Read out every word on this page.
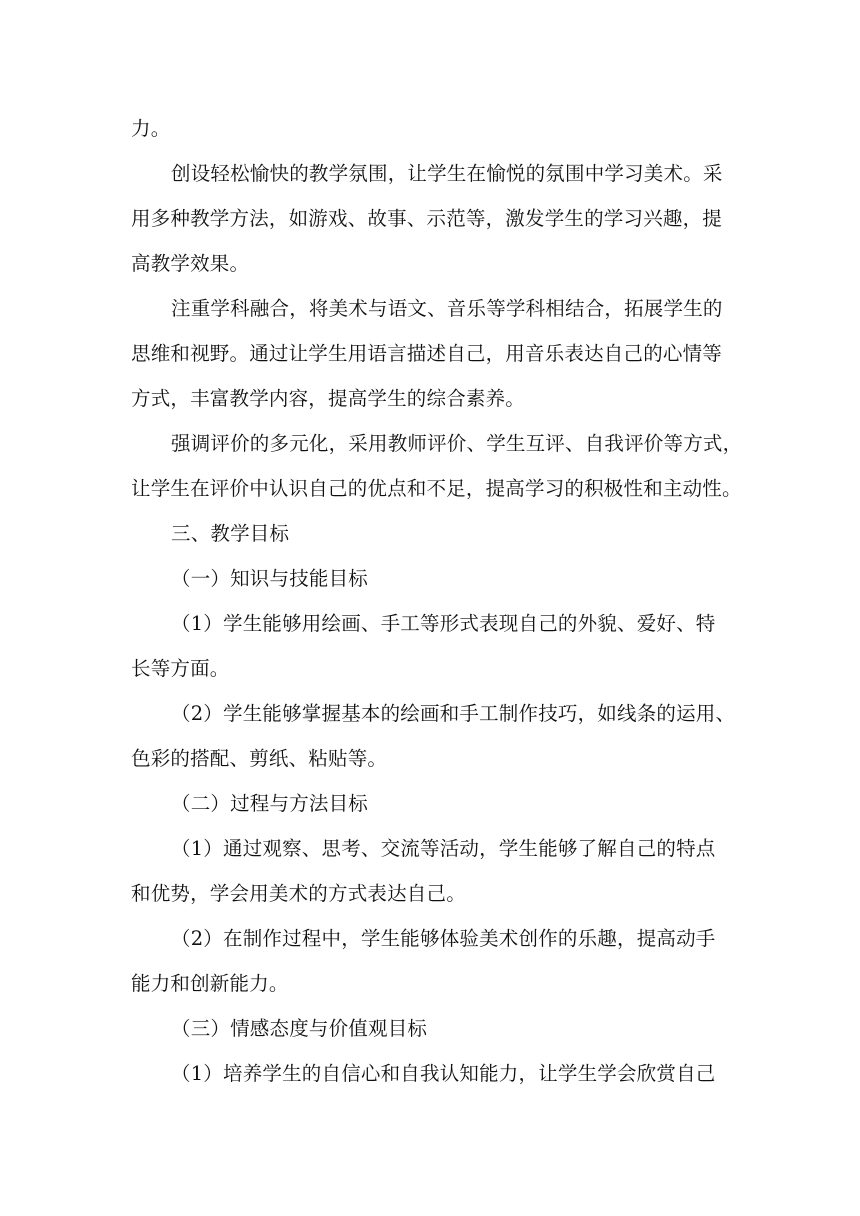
力。
创设轻松愉快的教学氛围，让学生在愉悦的氛围中学习美术。采
用多种教学方法，如游戏、故事、示范等，激发学生的学习兴趣，提
高教学效果。
注重学科融合，将美术与语文、音乐等学科相结合，拓展学生的
思维和视野。通过让学生用语言描述自己，用音乐表达自己的心情等
方式，丰富教学内容，提高学生的综合素养。
强调评价的多元化，采用教师评价、学生互评、自我评价等方式，
让学生在评价中认识自己的优点和不足，提高学习的积极性和主动性。
三、教学目标
（一）知识与技能目标
（1）学生能够用绘画、手工等形式表现自己的外貌、爱好、特
长等方面。
（2）学生能够掌握基本的绘画和手工制作技巧，如线条的运用、
色彩的搭配、剪纸、粘贴等。
（二）过程与方法目标
（1）通过观察、思考、交流等活动，学生能够了解自己的特点
和优势，学会用美术的方式表达自己。
（2）在制作过程中，学生能够体验美术创作的乐趣，提高动手
能力和创新能力。
（三）情感态度与价值观目标
（1）培养学生的自信心和自我认知能力，让学生学会欣赏自己
